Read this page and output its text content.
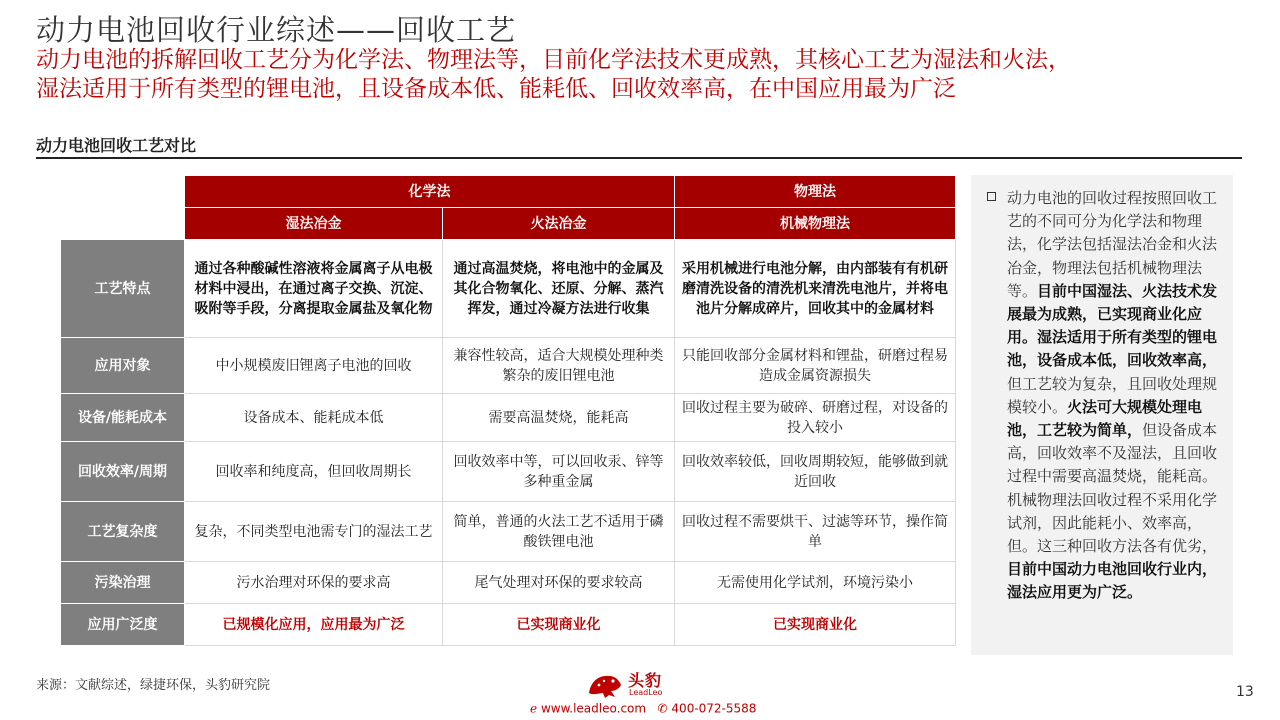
动力电池回收行业综述——回收工艺
动力电池的拆解回收工艺分为化学法、物理法等，目前化学法技术更成熟，其核心工艺为湿法和火法，
湿法适用于所有类型的锂电池，且设备成本低、能耗低、回收效率高，在中国应用最为广泛
动力电池回收工艺对比
	化学法		物理法
	湿法冶金	火法冶金	机械物理法
工艺特点	通过各种酸碱性溶液将金属离子从电极材料中浸出，在通过离子交换、沉淀、吸附等手段，分离提取金属盐及氧化物	通过高温焚烧，将电池中的金属及其化合物氧化、还原、分解、蒸汽挥发，通过冷凝方法进行收集	采用机械进行电池分解，由内部装有有机研磨清洗设备的清洗机来清洗电池片，并将电池片分解成碎片，回收其中的金属材料
应用对象	中小规模废旧锂离子电池的回收	兼容性较高，适合大规模处理种类繁杂的废旧锂电池	只能回收部分金属材料和锂盐，研磨过程易造成金属资源损失
设备/能耗成本	设备成本、能耗成本低	需要高温焚烧，能耗高	回收过程主要为破碎、研磨过程，对设备的投入较小
回收效率/周期	回收率和纯度高，但回收周期长	回收效率中等，可以回收汞、锌等多种重金属	回收效率较低，回收周期较短，能够做到就近回收
工艺复杂度	复杂，不同类型电池需专门的湿法工艺	简单，普通的火法工艺不适用于磷酸铁锂电池	回收过程不需要烘干、过滤等环节，操作简单
污染治理	污水治理对环保的要求高	尾气处理对环保的要求较高	无需使用化学试剂，环境污染小
应用广泛度	已规模化应用，应用最为广泛	已实现商业化	已实现商业化
动力电池的回收过程按照回收工艺的不同可分为化学法和物理法，化学法包括湿法冶金和火法冶金，物理法包括机械物理法等。目前中国湿法、火法技术发展最为成熟，已实现商业化应用。湿法适用于所有类型的锂电池，设备成本低，回收效率高，但工艺较为复杂，且回收处理规模较小。火法可大规模处理电池，工艺较为简单，但设备成本高，回收效率不及湿法，且回收过程中需要高温焚烧，能耗高。机械物理法回收过程不采用化学试剂，因此能耗小、效率高，但。这三种回收方法各有优劣，目前中国动力电池回收行业内，湿法应用更为广泛。
来源：文献综述，绿捷环保，头豹研究院	头豹
LeadLeo
ℯ www.leadleo.com   ✆ 400-072-5588
13
